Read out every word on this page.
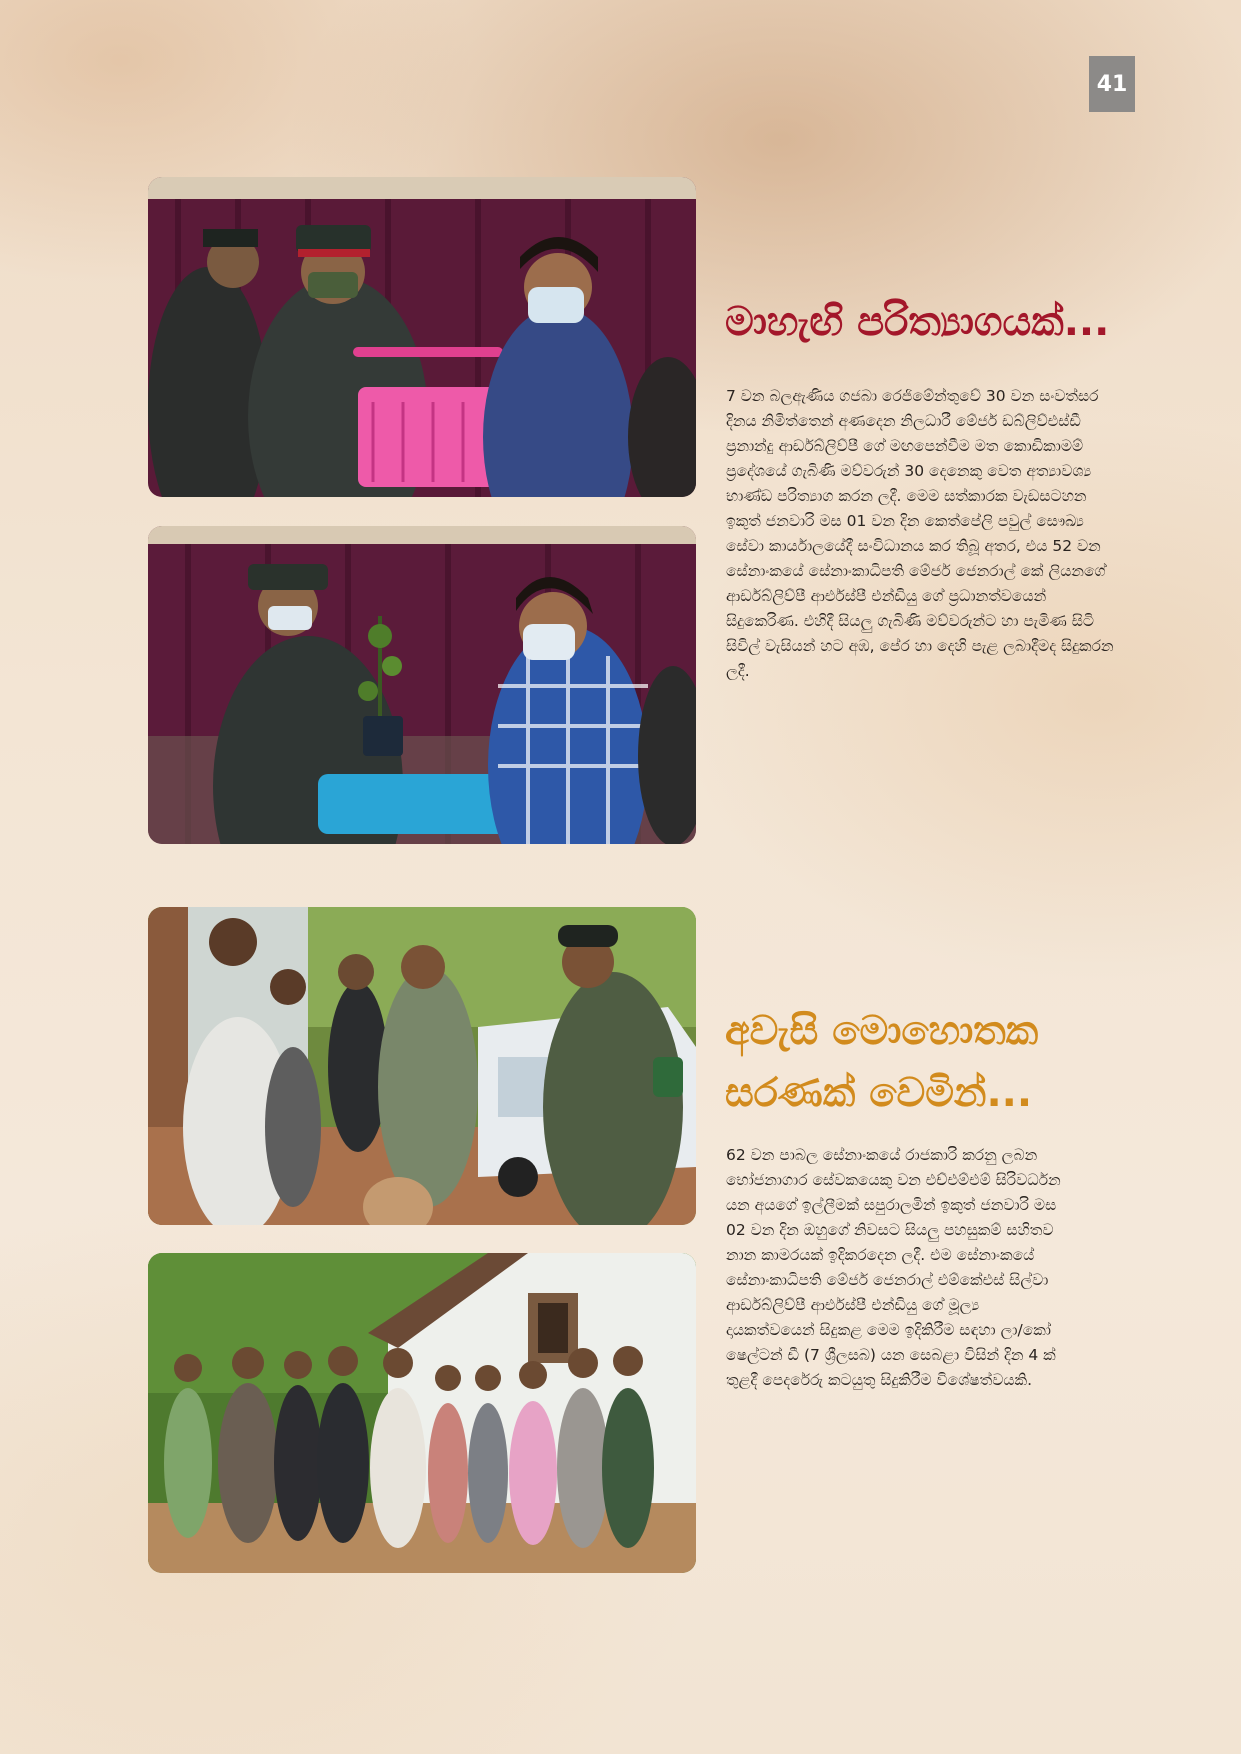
41
මාහැඟි පරිත්‍යාගයක්...

7 වන බලඇණිය ගජබා රෙජිමේන්තුවේ 30 වන සංවත්සර දිනය නිමිත්තෙන් අණදෙන නිලධාරී මේජර් ඩබ්ලිව්එස්ඩී ප්‍රනාන්දු ආර්ඩබ්ලිව්පී ගේ මඟපෙන්වීම මත කොඩිකාමම් ප්‍රදේශයේ ගැබිණි මව්වරුන් 30 දෙනෙකු වෙත අත්‍යාවශ්‍ය භාණ්ඩ පරිත්‍යාග කරන ලදී. මෙම සත්කාරක වැඩසටහන ඉකුත් ජනවාරි මස 01 වන දින කෙත්පේලි පවුල් සෞඛ්‍ය සේවා කාර්යාලයේදී සංවිධානය කර තිබූ අතර, එය 52 වන සේනාංකයේ සේනාංකාධිපති මේජර් ජෙනරාල් කේ ලියනගේ ආර්ඩබ්ලිව්පී ආර්එස්පී එන්ඩියු ගේ ප්‍රධානත්වයෙන් සිදුකෙරිණ. එහිදී සියලු ගැබිණි මව්වරුන්ට හා පැමිණ සිටි සිවිල් වැසියන් හට අඹ, පේර හා දෙහි පැළ ලබාදීමද සිදුකරන ලදී.

අවැසි මොහොතක
සරණක් වෙමින්...

62 වන පාබල සේනාංකයේ රාජකාරි කරනු ලබන භෝජනාගාර සේවකයෙකු වන එච්එම්එම් සිරිවර්ධන යන අයගේ ඉල්ලීමක් සපුරාලමින් ඉකුත් ජනවාරි මස 02 වන දින ඔහුගේ නිවසට සියලු පහසුකම් සහිතව නාන කාමරයක් ඉදිකරදෙන ලදී. එම සේනාංකයේ සේනාංකාධිපති මේජර් ජෙනරාල් එම්කේඑස් සිල්වා ආර්ඩබ්ලිව්පී ආර්එස්පී එන්ඩියු ගේ මූල්‍ය දායකත්වයෙන් සිදුකළ මෙම ඉදිකිරීම සඳහා ලා/කෝ ෂෙල්ටන් ඩී (7 ශ්‍රීලසබ) යන සෙබළා විසින් දින 4 ක් තුළදී පෙදරේරු කටයුතු සිදුකිරීම විශේෂත්වයකි.
